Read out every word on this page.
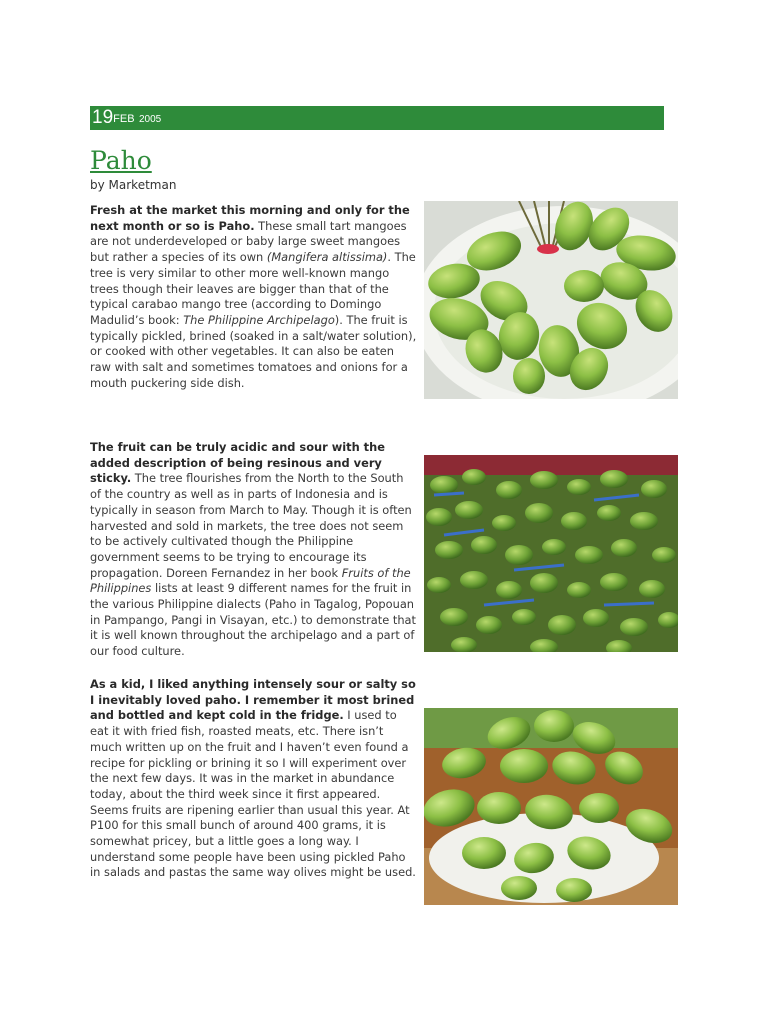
19FEB 2005
Paho
by Marketman
Fresh at the market this morning and only for the next month or so is Paho. These small tart mangoes are not underdeveloped or baby large sweet mangoes but rather a species of its own (Mangifera altissima). The tree is very similar to other more well-known mango trees though their leaves are bigger than that of the typical carabao mango tree (according to Domingo Madulid’s book: The Philippine Archipelago). The fruit is typically pickled, brined (soaked in a salt/water solution), or cooked with other vegetables. It can also be eaten raw with salt and sometimes tomatoes and onions for a mouth puckering side dish.
The fruit can be truly acidic and sour with the added description of being resinous and very sticky. The tree flourishes from the North to the South of the country as well as in parts of Indonesia and is typically in season from March to May. Though it is often harvested and sold in markets, the tree does not seem to be actively cultivated though the Philippine government seems to be trying to encourage its propagation. Doreen Fernandez in her book Fruits of the Philippines lists at least 9 different names for the fruit in the various Philippine dialects (Paho in Tagalog, Popouan in Pampango, Pangi in Visayan, etc.) to demonstrate that it is well known throughout the archipelago and a part of our food culture.
As a kid, I liked anything intensely sour or salty so I inevitably loved paho. I remember it most brined and bottled and kept cold in the fridge. I used to eat it with fried fish, roasted meats, etc. There isn’t much written up on the fruit and I haven’t even found a recipe for pickling or brining it so I will experiment over the next few days. It was in the market in abundance today, about the third week since it first appeared. Seems fruits are ripening earlier than usual this year. At P100 for this small bunch of around 400 grams, it is somewhat pricey, but a little goes a long way. I understand some people have been using pickled Paho in salads and pastas the same way olives might be used.
